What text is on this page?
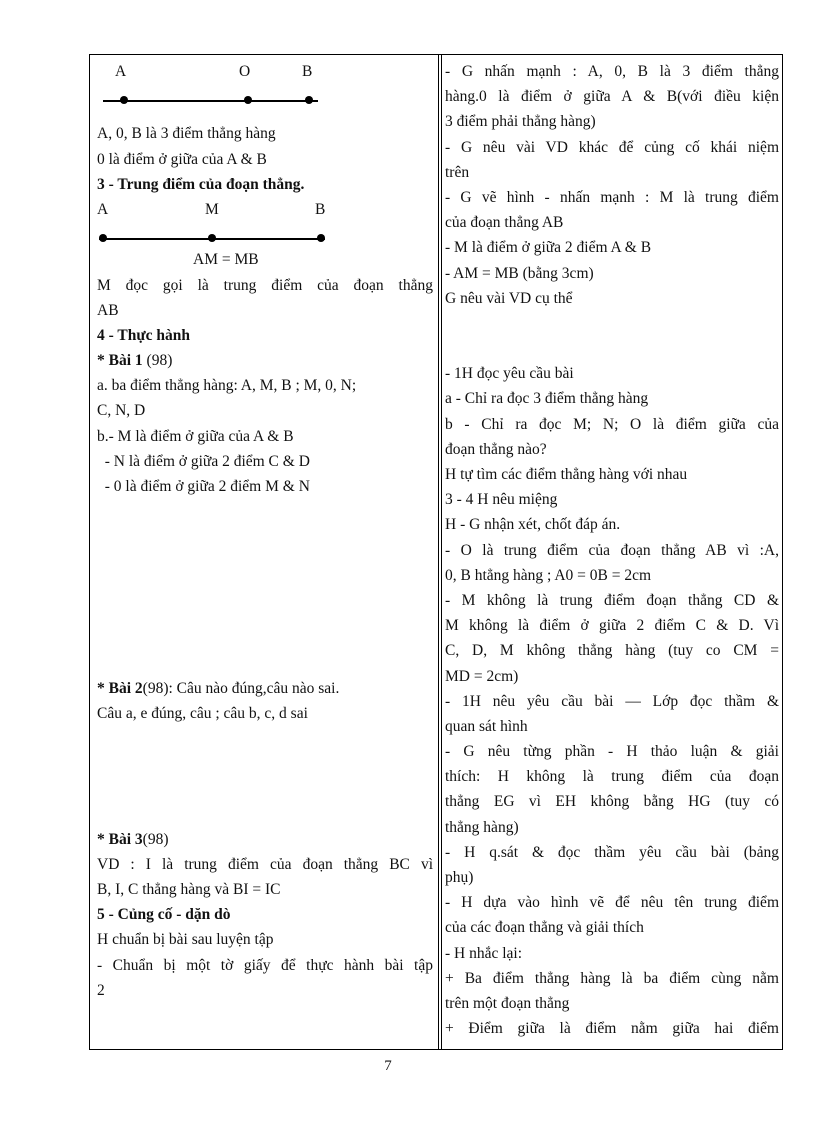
A	O	B
A, 0, B là 3 điểm thẳng hàng
0 là điểm ở giữa của A & B
3 - Trung điểm của đoạn thẳng.
A	M	B
AM = MB
M đọc gọi là trung điểm của đoạn thẳng
AB
4 - Thực hành
* Bài 1 (98)
a. ba điểm thẳng hàng: A, M, B ; M, 0, N;
C, N, D
b.- M là điểm ở giữa của A & B
- N là điểm ở giữa 2 điểm C & D
- 0 là điểm ở giữa 2 điểm M & N
* Bài 2(98): Câu nào đúng,câu nào sai.
Câu a, e đúng, câu ; câu b, c, d sai
* Bài 3(98)
VD : I là trung điểm của đoạn thẳng BC vì
B, I, C thẳng hàng và BI = IC
5 - Củng cố - dặn dò
H chuẩn bị bài sau luyện tập
- Chuẩn bị một tờ giấy để thực hành bài tập
2
- G nhấn mạnh : A, 0, B là 3 điểm thẳng
hàng.0 là điểm ở giữa A & B(với điều kiện
3 điểm phải thẳng hàng)
- G nêu vài VD khác để củng cố khái niệm
trên
- G vẽ hình - nhấn mạnh : M là trung điểm
của đoạn thẳng AB
- M là điểm ở giữa 2 điểm A & B
- AM = MB (bằng 3cm)
G nêu vài VD cụ thể
- 1H đọc yêu cầu bài
a - Chỉ ra đọc 3 điểm thẳng hàng
b - Chỉ ra đọc M; N; O là điểm giữa của
đoạn thẳng nào?
H tự tìm các điểm thẳng hàng với nhau
3 - 4 H nêu miệng
H - G nhận xét, chốt đáp án.
- O là trung điểm của đoạn thẳng AB vì :A,
0, B htẳng hàng ; A0 = 0B = 2cm
- M không là trung điểm đoạn thẳng CD &
M không là điểm ở giữa 2 điểm C & D. Vì
C, D, M không thẳng hàng (tuy co CM =
MD = 2cm)
- 1H nêu yêu cầu bài — Lớp đọc thầm &
quan sát hình
- G nêu từng phần - H thảo luận & giải
thích: H không là trung điểm của đoạn
thẳng EG vì EH không bằng HG (tuy có
thẳng hàng)
- H q.sát & đọc thầm yêu cầu bài (bảng
phụ)
- H dựa vào hình vẽ để nêu tên trung điểm
của các đoạn thẳng và giải thích
- H nhắc lại:
+ Ba điểm thẳng hàng là ba điểm cùng nằm
trên một đoạn thẳng
+ Điểm giữa là điểm nằm giữa hai điểm
7
